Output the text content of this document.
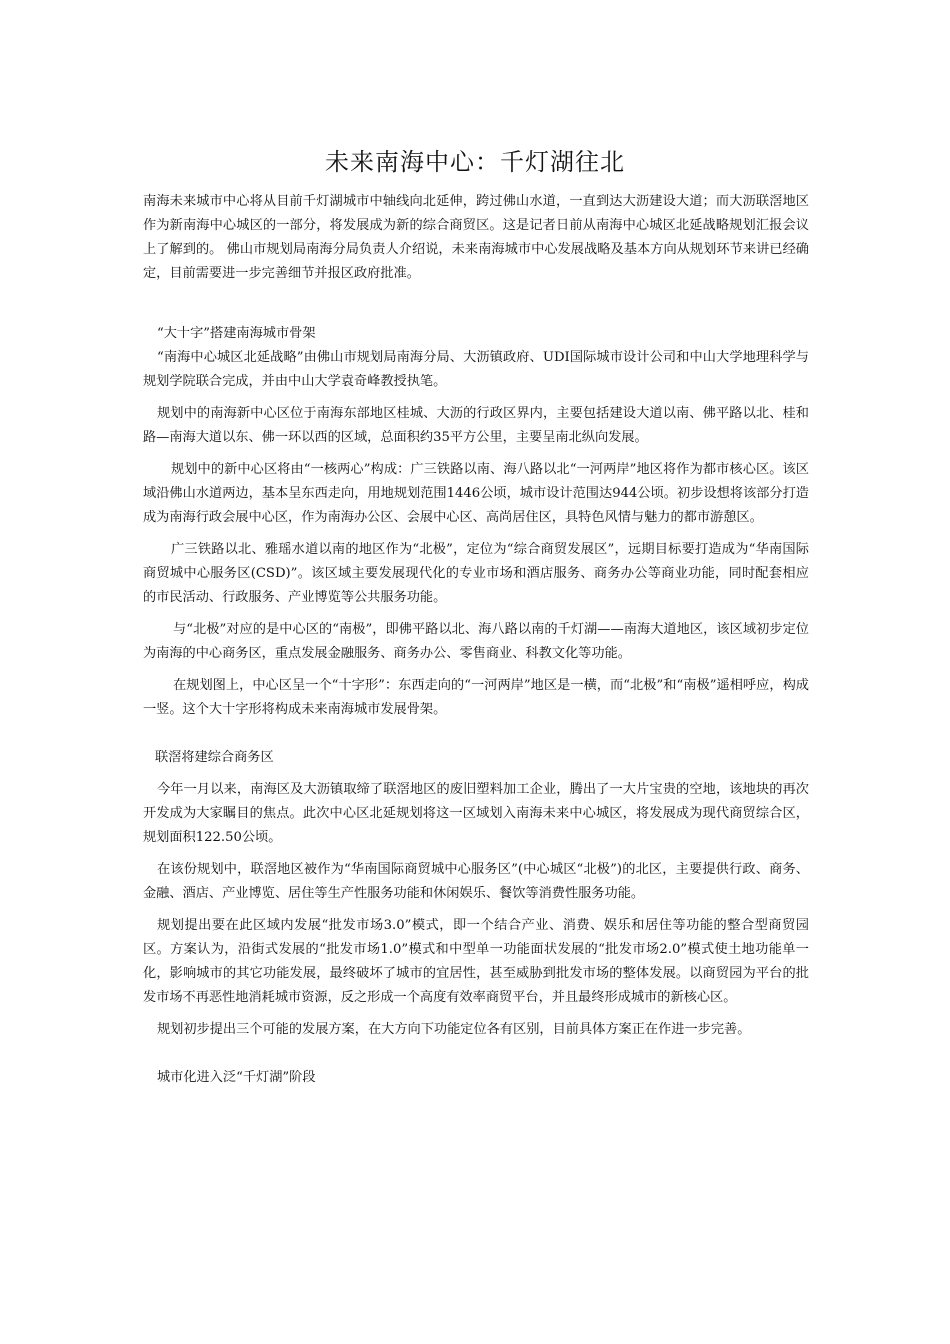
未来南海中心：千灯湖往北

南海未来城市中心将从目前千灯湖城市中轴线向北延伸，跨过佛山水道，一直到达大沥建设大道；而大沥联滘地区作为新南海中心城区的一部分，将发展成为新的综合商贸区。这是记者日前从南海中心城区北延战略规划汇报会议上了解到的。 佛山市规划局南海分局负责人介绍说，未来南海城市中心发展战略及基本方向从规划环节来讲已经确定，目前需要进一步完善细节并报区政府批准。

“大十字”搭建南海城市骨架

“南海中心城区北延战略”由佛山市规划局南海分局、大沥镇政府、UDI国际城市设计公司和中山大学地理科学与规划学院联合完成，并由中山大学袁奇峰教授执笔。

规划中的南海新中心区位于南海东部地区桂城、大沥的行政区界内，主要包括建设大道以南、佛平路以北、桂和路—南海大道以东、佛一环以西的区域，总面积约35平方公里，主要呈南北纵向发展。

规划中的新中心区将由“一核两心”构成：广三铁路以南、海八路以北“一河两岸”地区将作为都市核心区。该区域沿佛山水道两边，基本呈东西走向，用地规划范围1446公顷，城市设计范围达944公顷。初步设想将该部分打造成为南海行政会展中心区，作为南海办公区、会展中心区、高尚居住区，具特色风情与魅力的都市游憩区。

广三铁路以北、雅瑶水道以南的地区作为“北极”，定位为“综合商贸发展区”，远期目标要打造成为“华南国际商贸城中心服务区(CSD)”。该区域主要发展现代化的专业市场和酒店服务、商务办公等商业功能，同时配套相应的市民活动、行政服务、产业博览等公共服务功能。

与“北极”对应的是中心区的“南极”，即佛平路以北、海八路以南的千灯湖——南海大道地区，该区域初步定位为南海的中心商务区，重点发展金融服务、商务办公、零售商业、科教文化等功能。

在规划图上，中心区呈一个“十字形”：东西走向的“一河两岸”地区是一横，而“北极”和“南极”遥相呼应，构成一竖。这个大十字形将构成未来南海城市发展骨架。

联滘将建综合商务区

今年一月以来，南海区及大沥镇取缔了联滘地区的废旧塑料加工企业，腾出了一大片宝贵的空地，该地块的再次开发成为大家瞩目的焦点。此次中心区北延规划将这一区域划入南海未来中心城区，将发展成为现代商贸综合区，规划面积122.50公顷。

在该份规划中，联滘地区被作为“华南国际商贸城中心服务区”(中心城区“北极”)的北区，主要提供行政、商务、金融、酒店、产业博览、居住等生产性服务功能和休闲娱乐、餐饮等消费性服务功能。

规划提出要在此区域内发展“批发市场3.0”模式，即一个结合产业、消费、娱乐和居住等功能的整合型商贸园区。方案认为，沿街式发展的“批发市场1.0”模式和中型单一功能面状发展的“批发市场2.0”模式使土地功能单一化，影响城市的其它功能发展，最终破坏了城市的宜居性，甚至威胁到批发市场的整体发展。以商贸园为平台的批发市场不再恶性地消耗城市资源，反之形成一个高度有效率商贸平台，并且最终形成城市的新核心区。

规划初步提出三个可能的发展方案，在大方向下功能定位各有区别，目前具体方案正在作进一步完善。

城市化进入泛“千灯湖”阶段
